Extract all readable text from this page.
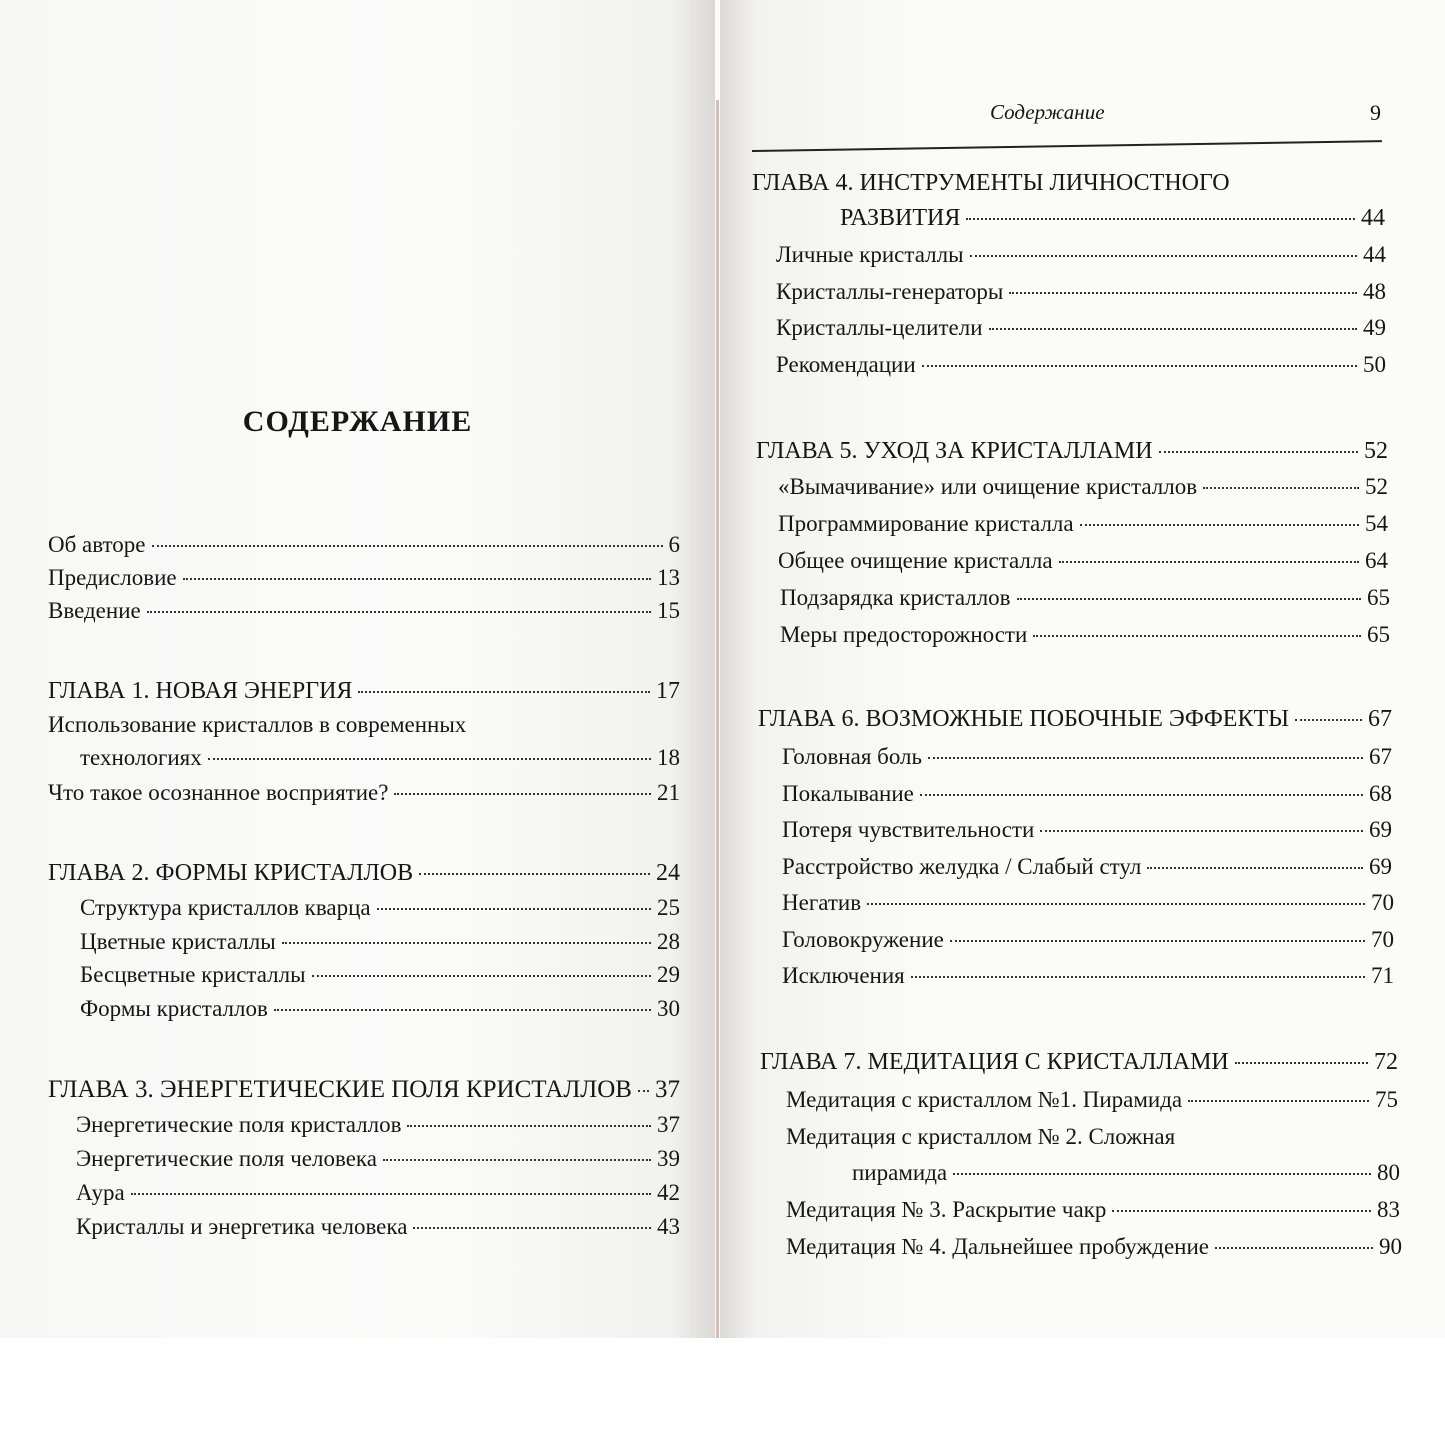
СОДЕРЖАНИЕ
Об авторе	6
Предисловие	13
Введение	15
ГЛАВА 1. НОВАЯ ЭНЕРГИЯ	17
Использование кристаллов в современных
технологиях	18
Что такое осознанное восприятие?	21
ГЛАВА 2. ФОРМЫ КРИСТАЛЛОВ	24
Структура кристаллов кварца	25
Цветные кристаллы	28
Бесцветные кристаллы	29
Формы кристаллов	30
ГЛАВА 3. ЭНЕРГЕТИЧЕСКИЕ ПОЛЯ КРИСТАЛЛОВ 37
Энергетические поля кристаллов	37
Энергетические поля человека	39
Аура	42
Кристаллы и энергетика человека	43
Содержание	9
ГЛАВА 4. ИНСТРУМЕНТЫ ЛИЧНОСТНОГО
РАЗВИТИЯ	44
Личные кристаллы	44
Кристаллы-генераторы	48
Кристаллы-целители	49
Рекомендации	50
ГЛАВА 5. УХОД ЗА КРИСТАЛЛАМИ	52
«Вымачивание» или очищение кристаллов	52
Программирование кристалла	54
Общее очищение кристалла	64
Подзарядка кристаллов	65
Меры предосторожности	65
ГЛАВА 6. ВОЗМОЖНЫЕ ПОБОЧНЫЕ ЭФФЕКТЫ	67
Головная боль	67
Покалывание	68
Потеря чувствительности	69
Расстройство желудка / Слабый стул	69
Негатив	70
Головокружение	70
Исключения	71
ГЛАВА 7. МЕДИТАЦИЯ С КРИСТАЛЛАМИ	72
Медитация с кристаллом №1. Пирамида	75
Медитация с кристаллом № 2. Сложная
пирамида	80
Медитация № 3. Раскрытие чакр	83
Медитация № 4. Дальнейшее пробуждение	90
